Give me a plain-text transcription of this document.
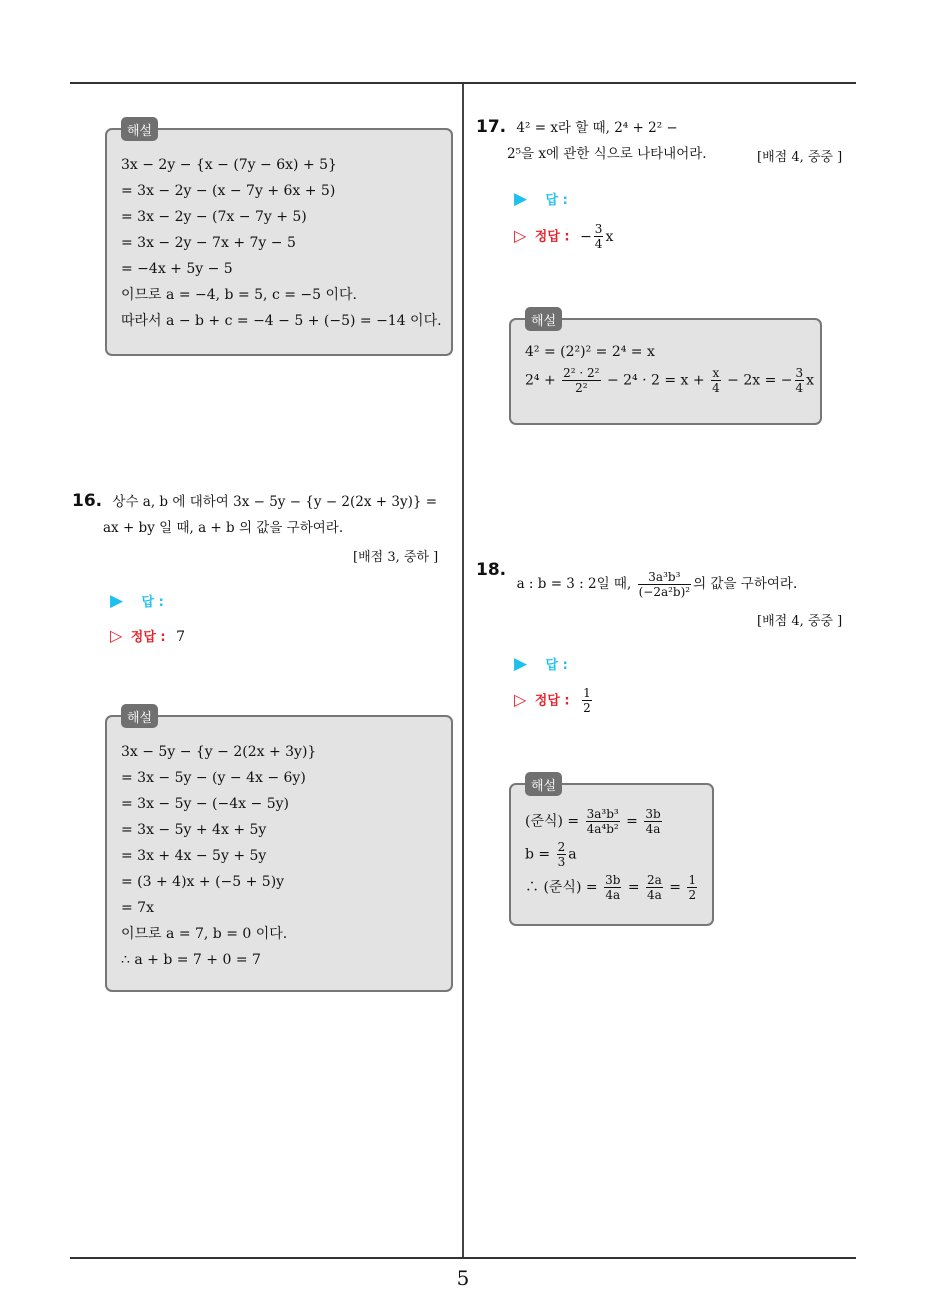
해설
3x − 2y − {x − (7y − 6x) + 5}
= 3x − 2y − (x − 7y + 6x + 5)
= 3x − 2y − (7x − 7y + 5)
= 3x − 2y − 7x + 7y − 5
= −4x + 5y − 5
이므로 a = −4, b = 5, c = −5 이다.
따라서 a − b + c = −4 − 5 + (−5) = −14 이다.
16. 상수 a, b 에 대하여 3x − 5y − {y − 2(2x + 3y)} =
ax + by 일 때, a + b 의 값을 구하여라.
[배점 3, 중하 ]
▶ 답 :
▷ 정답 : 7
해설
3x − 5y − {y − 2(2x + 3y)}
= 3x − 5y − (y − 4x − 6y)
= 3x − 5y − (−4x − 5y)
= 3x − 5y + 4x + 5y
= 3x + 4x − 5y + 5y
= (3 + 4)x + (−5 + 5)y
= 7x
이므로 a = 7, b = 0 이다.
∴ a + b = 7 + 0 = 7
17. 4² = x라 할 때, 2⁴ + 2² −
2⁵을 x에 관한 식으로 나타내어라.	[배점 4, 중중 ]
▶ 답 :
▷ 정답 : − $\frac{3}{4}$ x
해설
4² = (2²)² = 2⁴ = x
$2^4 + \frac{\text{2² · 2²}}{\text{2²}} - 2^4 \cdot 2 = x + \frac{x}{4} - 2x$ = − $\frac{3}{4}$ x
18. a : b = 3 : 2일 때, $\frac{\text{3a³b³}}{\text{(−2a²b)²}}$ 의 값을 구하여라.
[배점 4, 중중 ]
▶ 답 :
▷ 정답 : $\frac{1}{2}$
해설
(준식) = $\frac{\text{3a³b³}}{\text{4a⁴b²}} = \frac{3b}{4a}$
$b = \frac{2}{3}$ a
∴ (준식) = $\frac{3b}{4a} = \frac{2a}{4a} = \frac{1}{2}$
5
